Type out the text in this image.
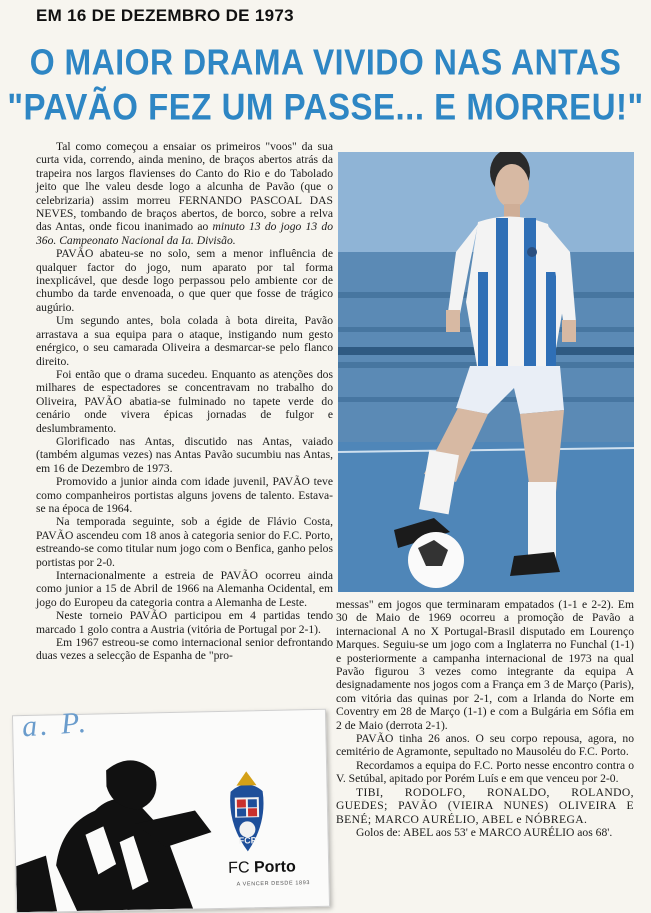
EM 16 DE DEZEMBRO DE 1973
O MAIOR DRAMA VIVIDO NAS ANTAS
"PAVÃO FEZ UM PASSE... E MORREU!"

Tal como começou a ensaiar os primeiros "voos" da sua curta vida, correndo, ainda menino, de braços abertos atrás da trapeira nos largos flavienses do Canto do Rio e do Tabolado jeito que lhe valeu desde logo a alcunha de Pavão (que o celebrizaria) assim morreu FERNANDO PASCOAL DAS NEVES, tombando de braços abertos, de borco, sobre a relva das Antas, onde ficou inanimado ao minuto 13 do jogo 13 do 36o. Campeonato Nacional da Ia. Divisão.

PAVÃO abateu-se no solo, sem a menor influência de qualquer factor do jogo, num aparato por tal forma inexplicável, que desde logo perpassou pelo ambiente cor de chumbo da tarde envenoada, o que quer que fosse de trágico augúrio.

Um segundo antes, bola colada à bota direita, Pavão arrastava a sua equipa para o ataque, instigando num gesto enérgico, o seu camarada Oliveira a desmarcar-se pelo flanco direito.

Foi então que o drama sucedeu. Enquanto as atenções dos milhares de espectadores se concentravam no trabalho do Oliveira, PAVÃO abatia-se fulminado no tapete verde do cenário onde vivera épicas jornadas de fulgor e deslumbramento.

Glorificado nas Antas, discutido nas Antas, vaiado (também algumas vezes) nas Antas Pavão sucumbiu nas Antas, em 16 de Dezembro de 1973.

Promovido a junior ainda com idade juvenil, PAVÃO teve como companheiros portistas alguns jovens de talento. Estava-se na época de 1964.

Na temporada seguinte, sob a égide de Flávio Costa, PAVÃO ascendeu com 18 anos à categoria senior do F.C. Porto, estreando-se como titular num jogo com o Benfica, ganho pelos portistas por 2-0.

Internacionalmente a estreia de PAVÃO ocorreu ainda como junior a 15 de Abril de 1966 na Alemanha Ocidental, em jogo do Europeu da categoria contra a Alemanha de Leste.

Neste torneio PAVÃO participou em 4 partidas tendo marcado 1 golo contra a Austria (vitória de Portugal por 2-1).

Em 1967 estreou-se como internacional senior defrontando duas vezes a selecção de Espanha de "pro-

messas" em jogos que terminaram empatados (1-1 e 2-2). Em 30 de Maio de 1969 ocorreu a promoção de Pavão a internacional A no X Portugal-Brasil disputado em Lourenço Marques. Seguiu-se um jogo com a Inglaterra no Funchal (1-1) e posteriormente a campanha internacional de 1973 na qual Pavão figurou 3 vezes como integrante da equipa A designadamente nos jogos com a França em 3 de Março (Paris), com vitória das quinas por 2-1, com a Irlanda do Norte em Coventry em 28 de Março (1-1) e com a Bulgária em Sófia em 2 de Maio (derrota 2-1).

PAVÃO tinha 26 anos. O seu corpo repousa, agora, no cemitério de Agramonte, sepultado no Mausoléu do F.C. Porto.

Recordamos a equipa do F.C. Porto nesse encontro contra o V. Setúbal, apitado por Porém Luís e em que venceu por 2-0.

TIBI, RODOLFO, RONALDO, ROLANDO, GUEDES; PAVÃO (VIEIRA NUNES) OLIVEIRA E BENÉ; MARCO AURÉLIO, ABEL e NÓBREGA.

Golos de: ABEL aos 53' e MARCO AURÉLIO aos 68'.

FCP
FC Porto
A VENCER DESDE 1893
a. P.
